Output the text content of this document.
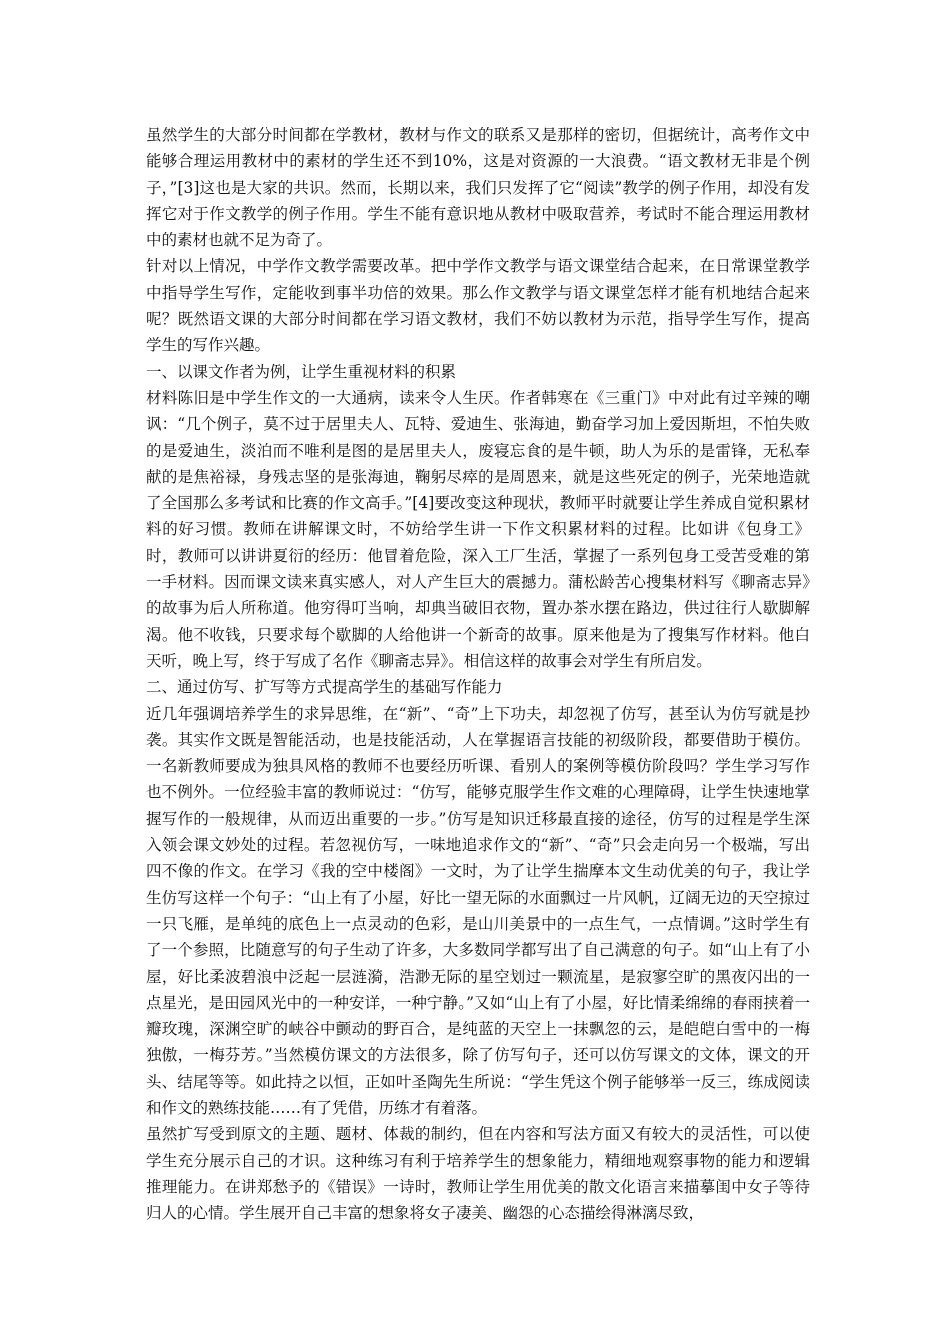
虽然学生的大部分时间都在学教材，教材与作文的联系又是那样的密切，但据统计，高考作文中能够合理运用教材中的素材的学生还不到10%，这是对资源的一大浪费。“语文教材无非是个例子，”[3]这也是大家的共识。然而，长期以来，我们只发挥了它“阅读”教学的例子作用，却没有发挥它对于作文教学的例子作用。学生不能有意识地从教材中吸取营养，考试时不能合理运用教材中的素材也就不足为奇了。

针对以上情况，中学作文教学需要改革。把中学作文教学与语文课堂结合起来，在日常课堂教学中指导学生写作，定能收到事半功倍的效果。那么作文教学与语文课堂怎样才能有机地结合起来呢？既然语文课的大部分时间都在学习语文教材，我们不妨以教材为示范，指导学生写作，提高学生的写作兴趣。

一、以课文作者为例，让学生重视材料的积累

材料陈旧是中学生作文的一大通病，读来令人生厌。作者韩寒在《三重门》中对此有过辛辣的嘲讽：“几个例子，莫不过于居里夫人、瓦特、爱迪生、张海迪，勤奋学习加上爱因斯坦，不怕失败的是爱迪生，淡泊而不唯利是图的是居里夫人，废寝忘食的是牛顿，助人为乐的是雷锋，无私奉献的是焦裕禄，身残志坚的是张海迪，鞠躬尽瘁的是周恩来，就是这些死定的例子，光荣地造就了全国那么多考试和比赛的作文高手。”[4]要改变这种现状，教师平时就要让学生养成自觉积累材料的好习惯。教师在讲解课文时，不妨给学生讲一下作文积累材料的过程。比如讲《包身工》时，教师可以讲讲夏衍的经历：他冒着危险，深入工厂生活，掌握了一系列包身工受苦受难的第一手材料。因而课文读来真实感人，对人产生巨大的震撼力。蒲松龄苦心搜集材料写《聊斋志异》的故事为后人所称道。他穷得叮当响，却典当破旧衣物，置办茶水摆在路边，供过往行人歇脚解渴。他不收钱，只要求每个歇脚的人给他讲一个新奇的故事。原来他是为了搜集写作材料。他白天听，晚上写，终于写成了名作《聊斋志异》。相信这样的故事会对学生有所启发。

二、通过仿写、扩写等方式提高学生的基础写作能力

近几年强调培养学生的求异思维，在“新”、“奇”上下功夫，却忽视了仿写，甚至认为仿写就是抄袭。其实作文既是智能活动，也是技能活动，人在掌握语言技能的初级阶段，都要借助于模仿。一名新教师要成为独具风格的教师不也要经历听课、看别人的案例等模仿阶段吗？学生学习写作也不例外。一位经验丰富的教师说过：“仿写，能够克服学生作文难的心理障碍，让学生快速地掌握写作的一般规律，从而迈出重要的一步。”仿写是知识迁移最直接的途径，仿写的过程是学生深入领会课文妙处的过程。若忽视仿写，一味地追求作文的“新”、“奇”只会走向另一个极端，写出四不像的作文。在学习《我的空中楼阁》一文时，为了让学生揣摩本文生动优美的句子，我让学生仿写这样一个句子：“山上有了小屋，好比一望无际的水面飘过一片风帆，辽阔无边的天空掠过一只飞雁，是单纯的底色上一点灵动的色彩，是山川美景中的一点生气，一点情调。”这时学生有了一个参照，比随意写的句子生动了许多，大多数同学都写出了自己满意的句子。如“山上有了小屋，好比柔波碧浪中泛起一层涟漪，浩渺无际的星空划过一颗流星，是寂寥空旷的黑夜闪出的一点星光，是田园风光中的一种安详，一种宁静。”又如“山上有了小屋，好比情柔绵绵的春雨挟着一瓣玫瑰，深渊空旷的峡谷中颤动的野百合，是纯蓝的天空上一抹飘忽的云，是皑皑白雪中的一梅独傲，一梅芬芳。”当然模仿课文的方法很多，除了仿写句子，还可以仿写课文的文体，课文的开头、结尾等等。如此持之以恒，正如叶圣陶先生所说：“学生凭这个例子能够举一反三，练成阅读和作文的熟练技能……有了凭借，历练才有着落。

虽然扩写受到原文的主题、题材、体裁的制约，但在内容和写法方面又有较大的灵活性，可以使学生充分展示自己的才识。这种练习有利于培养学生的想象能力，精细地观察事物的能力和逻辑推理能力。在讲郑愁予的《错误》一诗时，教师让学生用优美的散文化语言来描摹闺中女子等待归人的心情。学生展开自己丰富的想象将女子凄美、幽怨的心态描绘得淋漓尽致，
